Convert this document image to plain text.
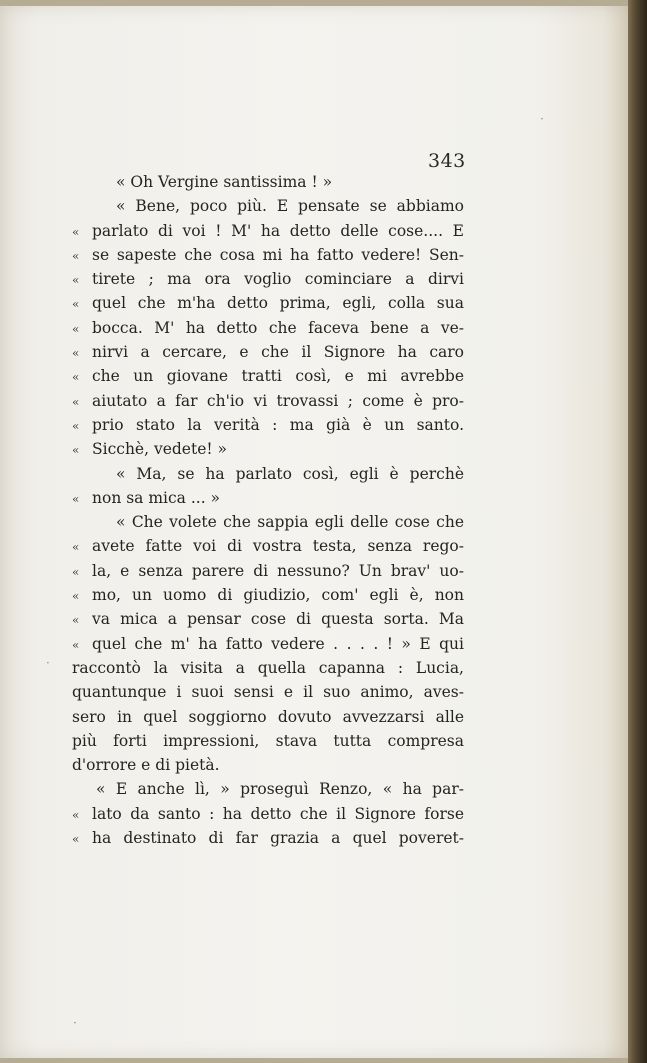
343
« Oh Vergine santissima ! »
« Bene, poco più. E pensate se abbiamo
« parlato di voi ! M' ha detto delle cose.... E
« se sapeste che cosa mi ha fatto vedere! Sen-
« tirete ; ma ora voglio cominciare a dirvi
« quel che m'ha detto prima, egli, colla sua
« bocca. M' ha detto che faceva bene a ve-
« nirvi a cercare, e che il Signore ha caro
« che un giovane tratti così, e mi avrebbe
« aiutato a far ch'io vi trovassi ; come è pro-
« prio stato la verità : ma già è un santo.
« Sicchè, vedete! »
« Ma, se ha parlato così, egli è perchè
« non sa mica ... »
« Che volete che sappia egli delle cose che
« avete fatte voi di vostra testa, senza rego-
« la, e senza parere di nessuno? Un brav' uo-
« mo, un uomo di giudizio, com' egli è, non
« va mica a pensar cose di questa sorta. Ma
« quel che m' ha fatto vedere . . . . ! » E qui
raccontò la visita a quella capanna : Lucia,
quantunque i suoi sensi e il suo animo, aves-
sero in quel soggiorno dovuto avvezzarsi alle
più forti impressioni, stava tutta compresa
d'orrore e di pietà.
« E anche lì, » proseguì Renzo, « ha par-
« lato da santo : ha detto che il Signore forse
« ha destinato di far grazia a quel poveret-
·
·
·
